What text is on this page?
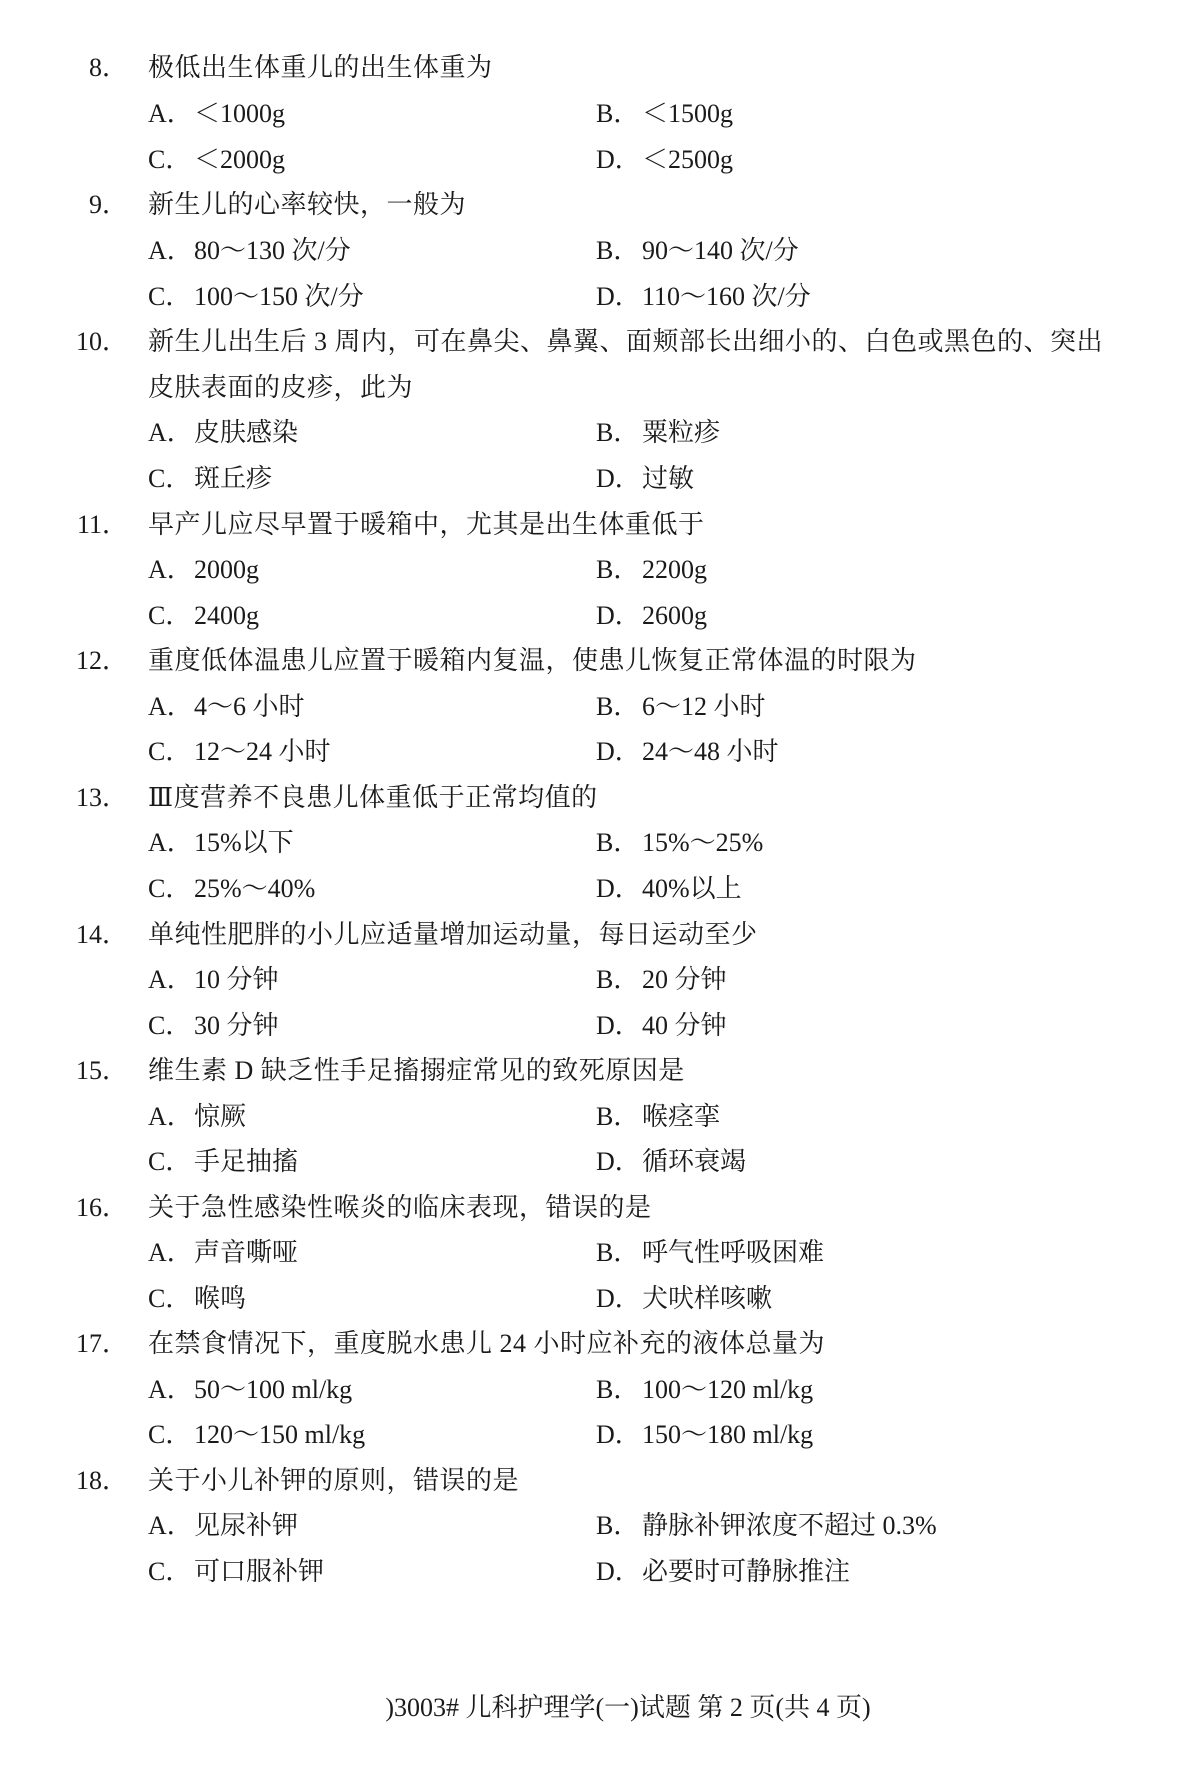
8． 极低出生体重儿的出生体重为
A．＜1000g	B． ＜1500g
C． ＜2000g	D．＜2500g
9． 新生儿的心率较快，一般为
A．80～130 次/分	B． 90～140 次/分
C． 100～150 次/分	D．110～160 次/分
10． 新生儿出生后 3 周内，可在鼻尖、鼻翼、面颊部长出细小的、白色或黑色的、突出
皮肤表面的皮疹，此为
A．皮肤感染	B． 粟粒疹
C． 斑丘疹	D．过敏
11． 早产儿应尽早置于暖箱中，尤其是出生体重低于
A．2000g	B． 2200g
C． 2400g	D．2600g
12． 重度低体温患儿应置于暖箱内复温，使患儿恢复正常体温的时限为
A．4～6 小时	B． 6～12 小时
C． 12～24 小时	D．24～48 小时
13． Ⅲ度营养不良患儿体重低于正常均值的
A．15%以下	B． 15%～25%
C． 25%～40%	D．40%以上
14． 单纯性肥胖的小儿应适量增加运动量，每日运动至少
A．10 分钟	B． 20 分钟
C． 30 分钟	D．40 分钟
15． 维生素 D 缺乏性手足搐搦症常见的致死原因是
A．惊厥	B． 喉痉挛
C． 手足抽搐	D．循环衰竭
16． 关于急性感染性喉炎的临床表现，错误的是
A．声音嘶哑	B． 呼气性呼吸困难
C． 喉鸣	D．犬吠样咳嗽
17． 在禁食情况下，重度脱水患儿 24 小时应补充的液体总量为
A．50～100 ml/kg	B． 100～120 ml/kg
C． 120～150 ml/kg	D．150～180 ml/kg
18． 关于小儿补钾的原则，错误的是
A．见尿补钾	B． 静脉补钾浓度不超过 0.3%
C． 可口服补钾	D．必要时可静脉推注
)3003# 儿科护理学(一)试题 第 2 页(共 4 页)
